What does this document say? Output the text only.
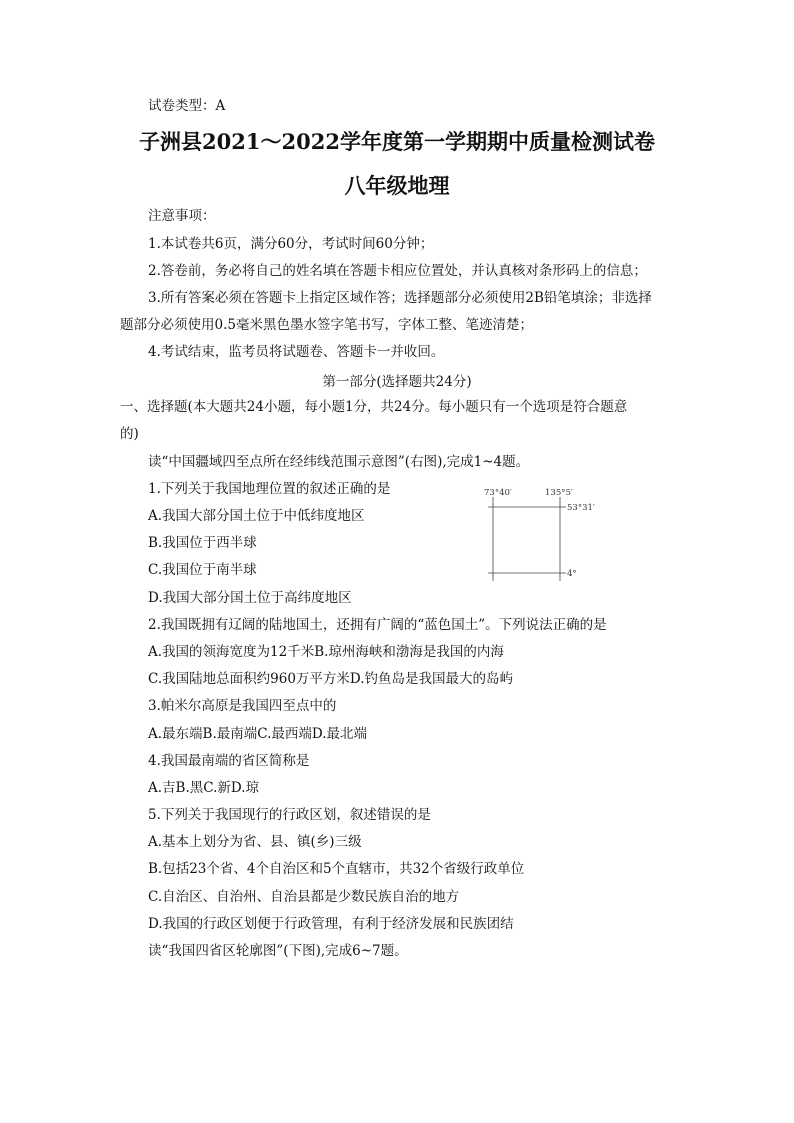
试卷类型：A
子洲县2021～2022学年度第一学期期中质量检测试卷
八年级地理
注意事项：
1.本试卷共6页，满分60分，考试时间60分钟；
2.答卷前，务必将自己的姓名填在答题卡相应位置处，并认真核对条形码上的信息；
3.所有答案必须在答题卡上指定区域作答；选择题部分必须使用2B铅笔填涂；非选择
题部分必须使用0.5毫米黑色墨水签字笔书写，字体工整、笔迹清楚；
4.考试结束，监考员将试题卷、答题卡一并收回。
第一部分(选择题共24分)
一、选择题(本大题共24小题，每小题1分，共24分。每小题只有一个选项是符合题意
的)
读“中国疆域四至点所在经纬线范围示意图”(右图),完成1~4题。
1.下列关于我国地理位置的叙述正确的是
A.我国大部分国土位于中低纬度地区
B.我国位于西半球
C.我国位于南半球
D.我国大部分国土位于高纬度地区
73°40′	135°5′
53°31′
4°
2.我国既拥有辽阔的陆地国土，还拥有广阔的“蓝色国土”。下列说法正确的是
A.我国的领海宽度为12千米B.琼州海峡和渤海是我国的内海
C.我国陆地总面积约960万平方米D.钓鱼岛是我国最大的岛屿
3.帕米尔高原是我国四至点中的
A.最东端B.最南端C.最西端D.最北端
4.我国最南端的省区简称是
A.吉B.黑C.新D.琼
5.下列关于我国现行的行政区划，叙述错误的是
A.基本上划分为省、县、镇(乡)三级
B.包括23个省、4个自治区和5个直辖市，共32个省级行政单位
C.自治区、自治州、自治县都是少数民族自治的地方
D.我国的行政区划便于行政管理，有利于经济发展和民族团结
读“我国四省区轮廓图”(下图),完成6~7题。
